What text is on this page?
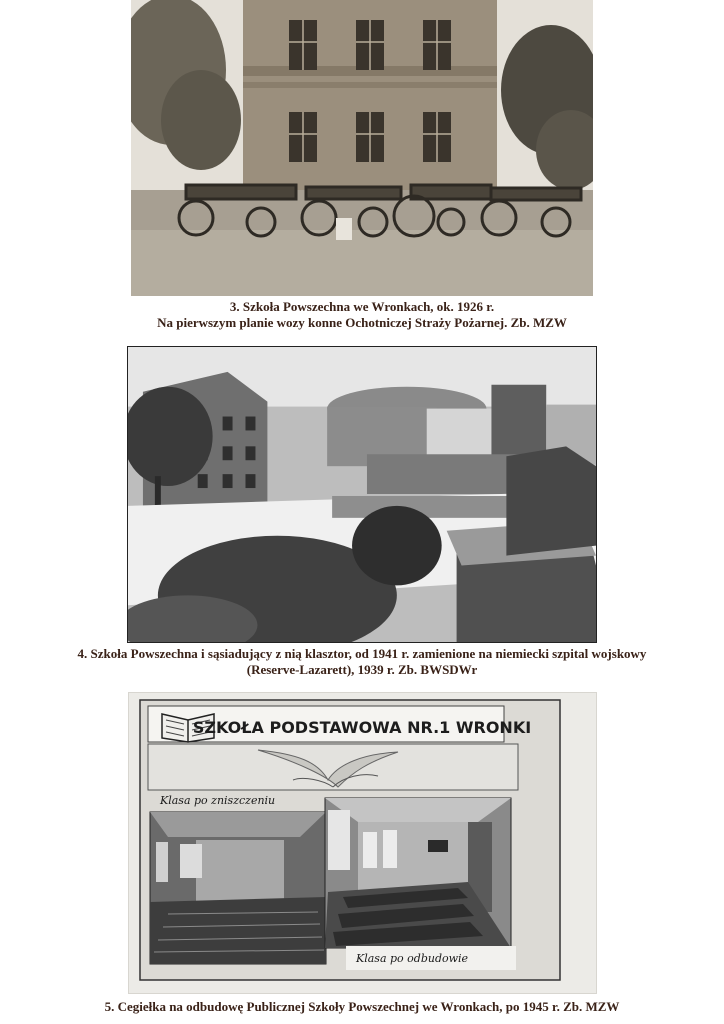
3. Szkoła Powszechna we Wronkach, ok. 1926 r.
Na pierwszym planie wozy konne Ochotniczej Straży Pożarnej. Zb. MZW
4. Szkoła Powszechna i sąsiadujący z nią klasztor, od 1941 r. zamienione na niemiecki szpital wojskowy
(Reserve-Lazarett), 1939 r. Zb. BWSDWr
SZKOŁA PODSTAWOWA NR.1 WRONKI
Klasa po zniszczeniu
Klasa po odbudowie
5. Cegiełka na odbudowę Publicznej Szkoły Powszechnej we Wronkach, po 1945 r. Zb. MZW
